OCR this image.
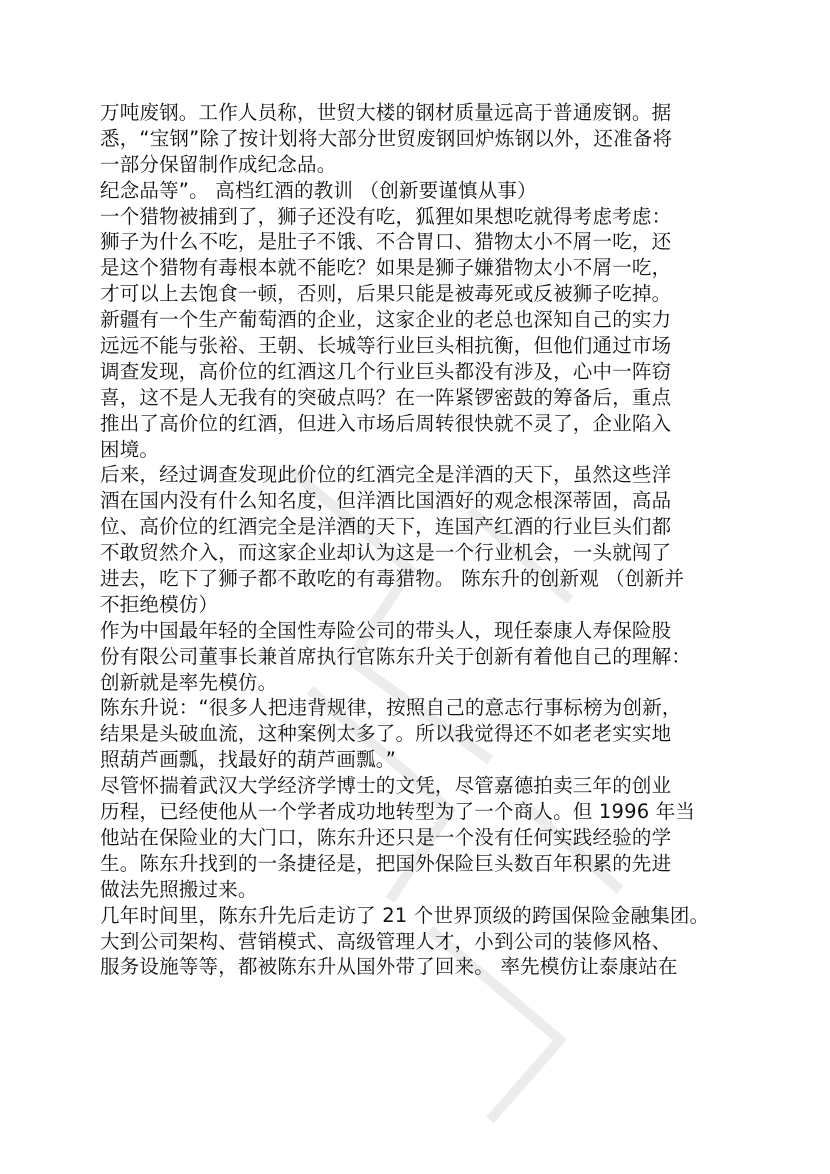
万吨废钢。工作人员称，世贸大楼的钢材质量远高于普通废钢。据
悉，“宝钢”除了按计划将大部分世贸废钢回炉炼钢以外，还准备将
一部分保留制作成纪念品。
纪念品等”。 高档红酒的教训 （创新要谨慎从事）
一个猎物被捕到了，狮子还没有吃，狐狸如果想吃就得考虑考虑：
狮子为什么不吃，是肚子不饿、不合胃口、猎物太小不屑一吃，还
是这个猎物有毒根本就不能吃？如果是狮子嫌猎物太小不屑一吃，
才可以上去饱食一顿，否则，后果只能是被毒死或反被狮子吃掉。
新疆有一个生产葡萄酒的企业，这家企业的老总也深知自己的实力
远远不能与张裕、王朝、长城等行业巨头相抗衡，但他们通过市场
调查发现，高价位的红酒这几个行业巨头都没有涉及，心中一阵窃
喜，这不是人无我有的突破点吗？在一阵紧锣密鼓的筹备后，重点
推出了高价位的红酒，但进入市场后周转很快就不灵了，企业陷入
困境。
后来，经过调查发现此价位的红酒完全是洋酒的天下，虽然这些洋
酒在国内没有什么知名度，但洋酒比国酒好的观念根深蒂固，高品
位、高价位的红酒完全是洋酒的天下，连国产红酒的行业巨头们都
不敢贸然介入，而这家企业却认为这是一个行业机会，一头就闯了
进去，吃下了狮子都不敢吃的有毒猎物。 陈东升的创新观 （创新并
不拒绝模仿）
作为中国最年轻的全国性寿险公司的带头人，现任泰康人寿保险股
份有限公司董事长兼首席执行官陈东升关于创新有着他自己的理解：
创新就是率先模仿。
陈东升说：“很多人把违背规律，按照自己的意志行事标榜为创新，
结果是头破血流，这种案例太多了。所以我觉得还不如老老实实地
照葫芦画瓢，找最好的葫芦画瓢。”
尽管怀揣着武汉大学经济学博士的文凭，尽管嘉德拍卖三年的创业
历程，已经使他从一个学者成功地转型为了一个商人。但 1996 年当
他站在保险业的大门口，陈东升还只是一个没有任何实践经验的学
生。陈东升找到的一条捷径是，把国外保险巨头数百年积累的先进
做法先照搬过来。
几年时间里，陈东升先后走访了 21 个世界顶级的跨国保险金融集团。
大到公司架构、营销模式、高级管理人才，小到公司的装修风格、
服务设施等等，都被陈东升从国外带了回来。 率先模仿让泰康站在
